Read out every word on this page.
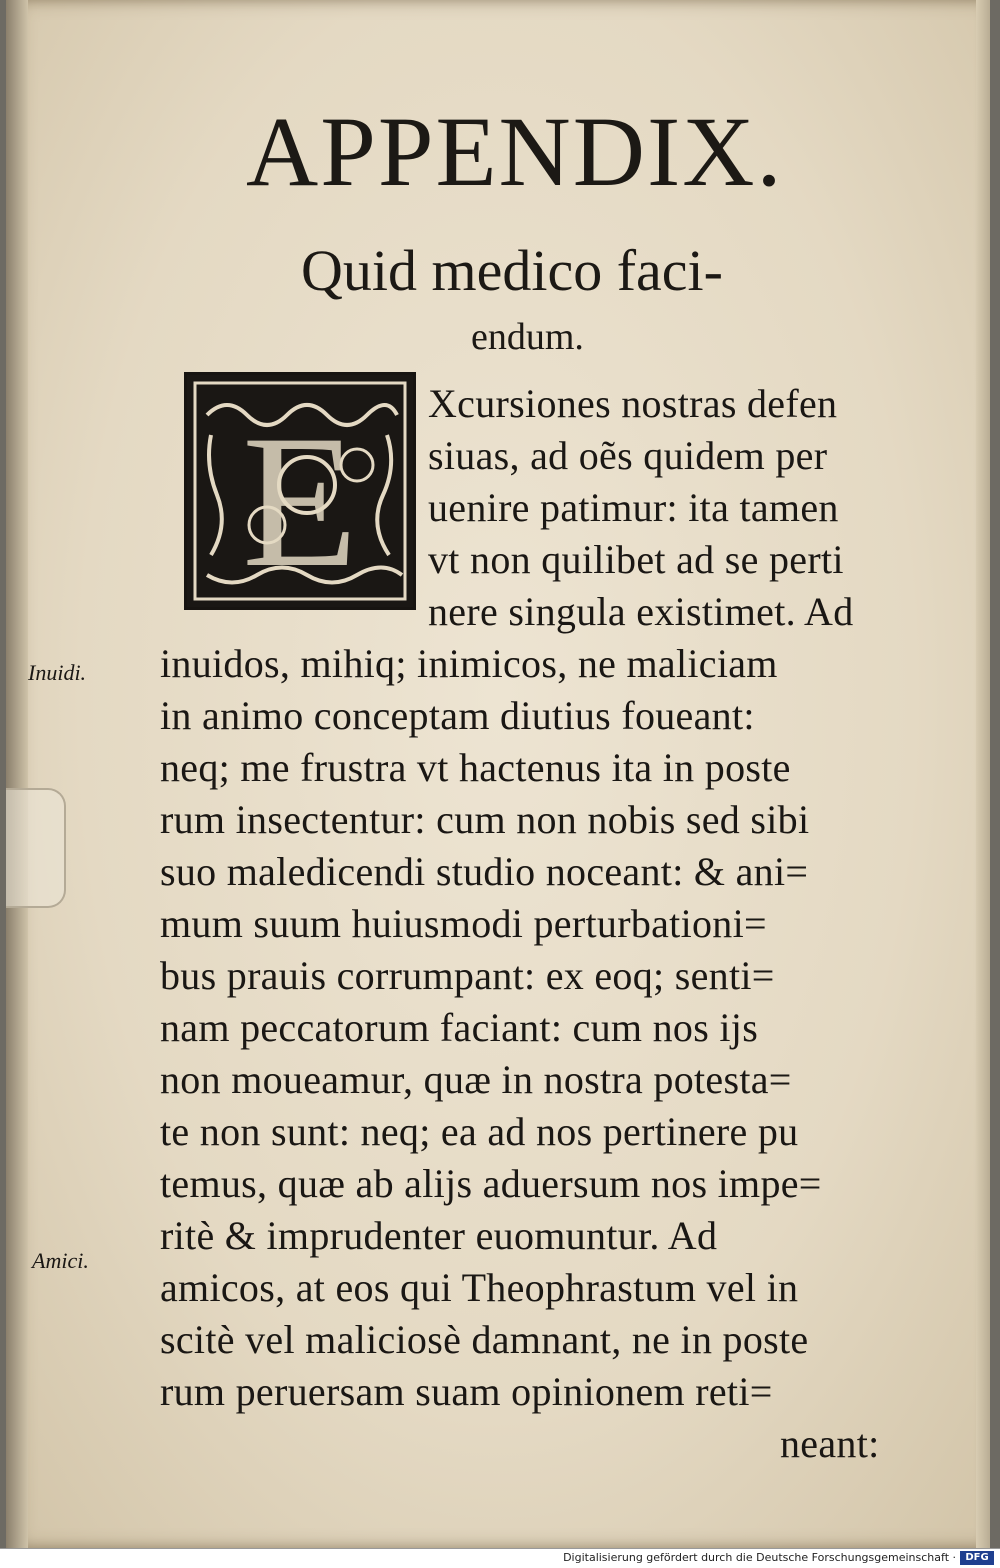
APPENDIX.
Quid medico faci-
endum.
E
Inuidi.
Amici.
Xcursiones nostras defen
siuas, ad oẽs quidem per
uenire patimur: ita tamen
vt non quilibet ad se perti
nere singula existimet. Ad
inuidos, mihiq; inimicos, ne maliciam
in animo conceptam diutius foueant:
neq; me frustra vt hactenus ita in poste
rum insectentur: cum non nobis sed sibi
suo maledicendi studio noceant: & ani=
mum suum huiusmodi perturbationi=
bus prauis corrumpant: ex eoq; senti=
nam peccatorum faciant: cum nos ijs
non moueamur, quæ in nostra potesta=
te non sunt: neq; ea ad nos pertinere pu
temus, quæ ab alijs aduersum nos impe=
ritè & imprudenter euomuntur. Ad
amicos, at eos qui Theophrastum vel in
scitè vel maliciosè damnant, ne in poste
rum peruersam suam opinionem reti=
neant:
Digitalisierung gefördert durch die Deutsche Forschungsgemeinschaft · DFG
